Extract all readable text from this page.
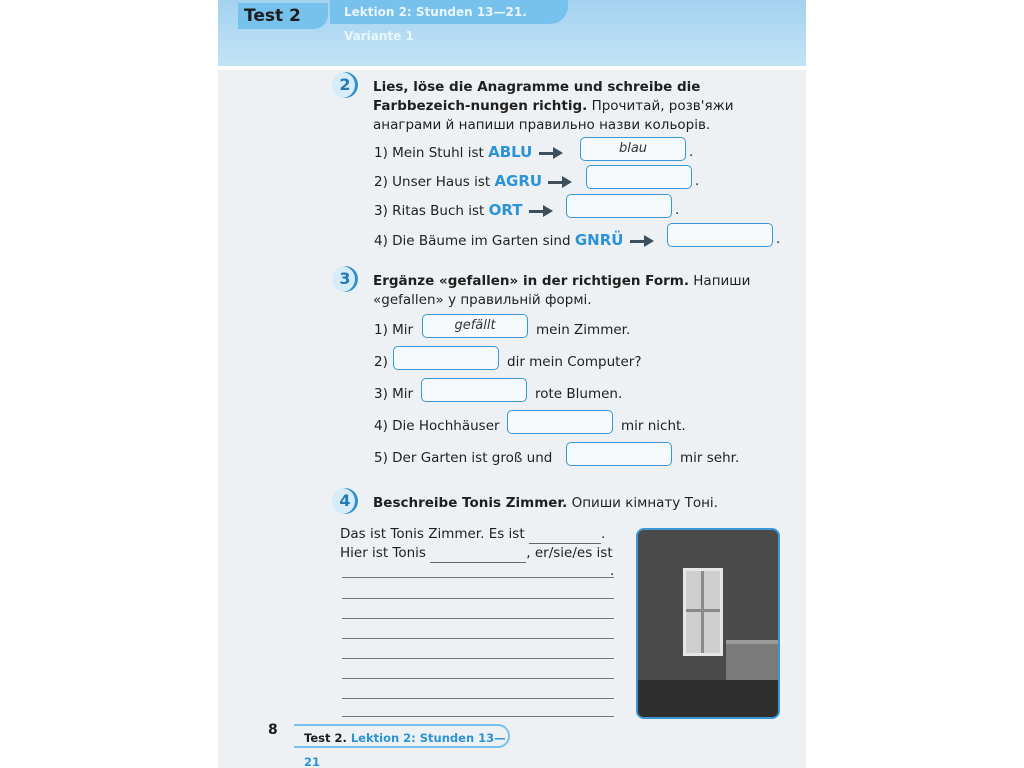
Test 2	Lektion 2: Stunden 13—21. Variante 1
2	Lies, löse die Anagramme und schreibe die Farbbezeich-nungen richtig. Прочитай, розв'яжи анаграми й напиши правильно назви кольорів.
1) Mein Stuhl ist ABLU	blau	.
2) Unser Haus ist AGRU	.
3) Ritas Buch ist ORT	.
4) Die Bäume im Garten sind GNRÜ	.
3	Ergänze «gefallen» in der richtigen Form. Напиши «gefallen» у правильній формі.
1) Mir	gefällt	mein Zimmer.
2)	dir mein Computer?
3) Mir	rote Blumen.
4) Die Hochhäuser	mir nicht.
5) Der Garten ist groß und	mir sehr.
4	Beschreibe Tonis Zimmer. Опиши кімнату Тоні.
Das ist Tonis Zimmer. Es ist	.
Hier ist Tonis	, er/sie/es ist
.
8	Test 2. Lektion 2: Stunden 13—21
